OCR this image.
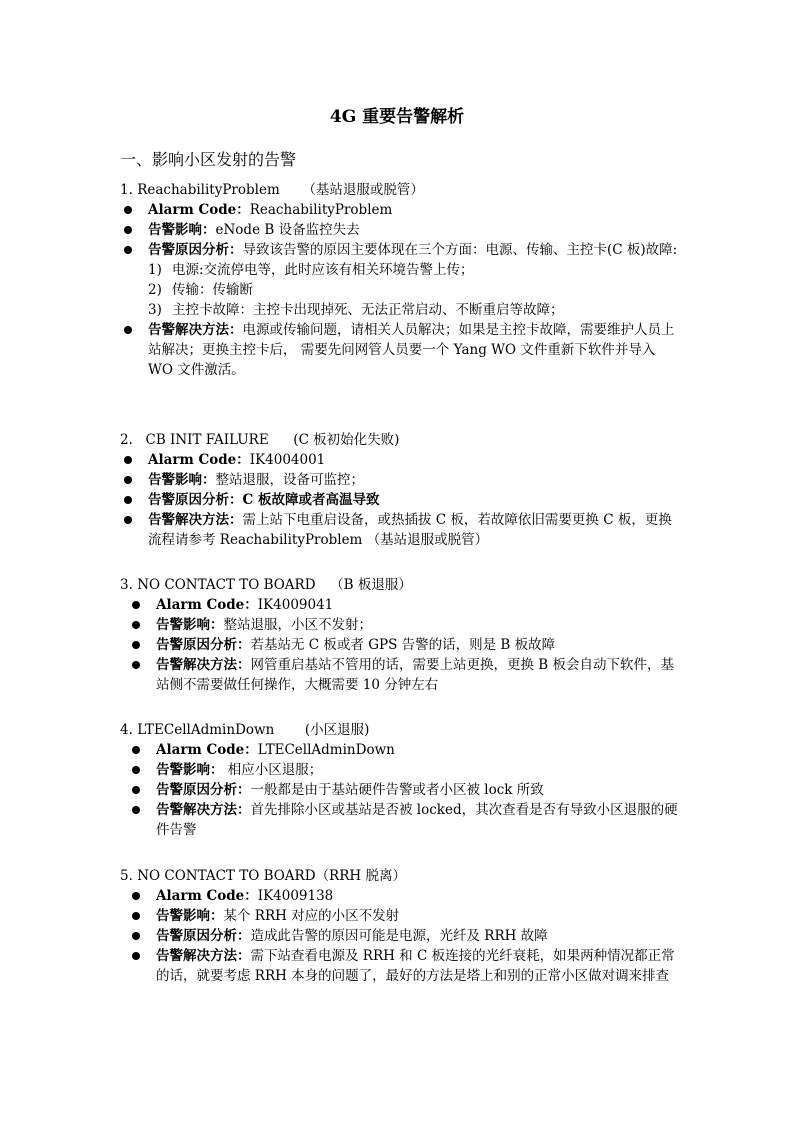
4G 重要告警解析
一、影响小区发射的告警
1. ReachabilityProblem （基站退服或脱管）
Alarm Code：ReachabilityProblem
告警影响：eNode B 设备监控失去
告警原因分析：导致该告警的原因主要体现在三个方面：电源、传输、主控卡(C 板)故障:
1) 电源:交流停电等，此时应该有相关环境告警上传；
2) 传输：传输断
3) 主控卡故障：主控卡出现掉死、无法正常启动、不断重启等故障；
告警解决方法：电源或传输问题，请相关人员解决；如果是主控卡故障，需要维护人员上站解决；更换主控卡后， 需要先问网管人员要一个 Yang WO 文件重新下软件并导入 WO 文件激活。
2. CB INIT FAILURE (C 板初始化失败)
Alarm Code：IK4004001
告警影响：整站退服，设备可监控；
告警原因分析：C 板故障或者高温导致
告警解决方法：需上站下电重启设备，或热插拔 C 板，若故障依旧需要更换 C 板，更换流程请参考 ReachabilityProblem （基站退服或脱管）
3. NO CONTACT TO BOARD （B 板退服）
Alarm Code：IK4009041
告警影响：整站退服，小区不发射；
告警原因分析：若基站无 C 板或者 GPS 告警的话，则是 B 板故障
告警解决方法：网管重启基站不管用的话，需要上站更换，更换 B 板会自动下软件，基站侧不需要做任何操作，大概需要 10 分钟左右
4. LTECellAdminDown (小区退服)
Alarm Code：LTECellAdminDown
告警影响： 相应小区退服；
告警原因分析：一般都是由于基站硬件告警或者小区被 lock 所致
告警解决方法：首先排除小区或基站是否被 locked，其次查看是否有导致小区退服的硬件告警
5. NO CONTACT TO BOARD（RRH 脱离）
Alarm Code：IK4009138
告警影响：某个 RRH 对应的小区不发射
告警原因分析：造成此告警的原因可能是电源，光纤及 RRH 故障
告警解决方法：需下站查看电源及 RRH 和 C 板连接的光纤衰耗，如果两种情况都正常的话，就要考虑 RRH 本身的问题了，最好的方法是塔上和别的正常小区做对调来排查
